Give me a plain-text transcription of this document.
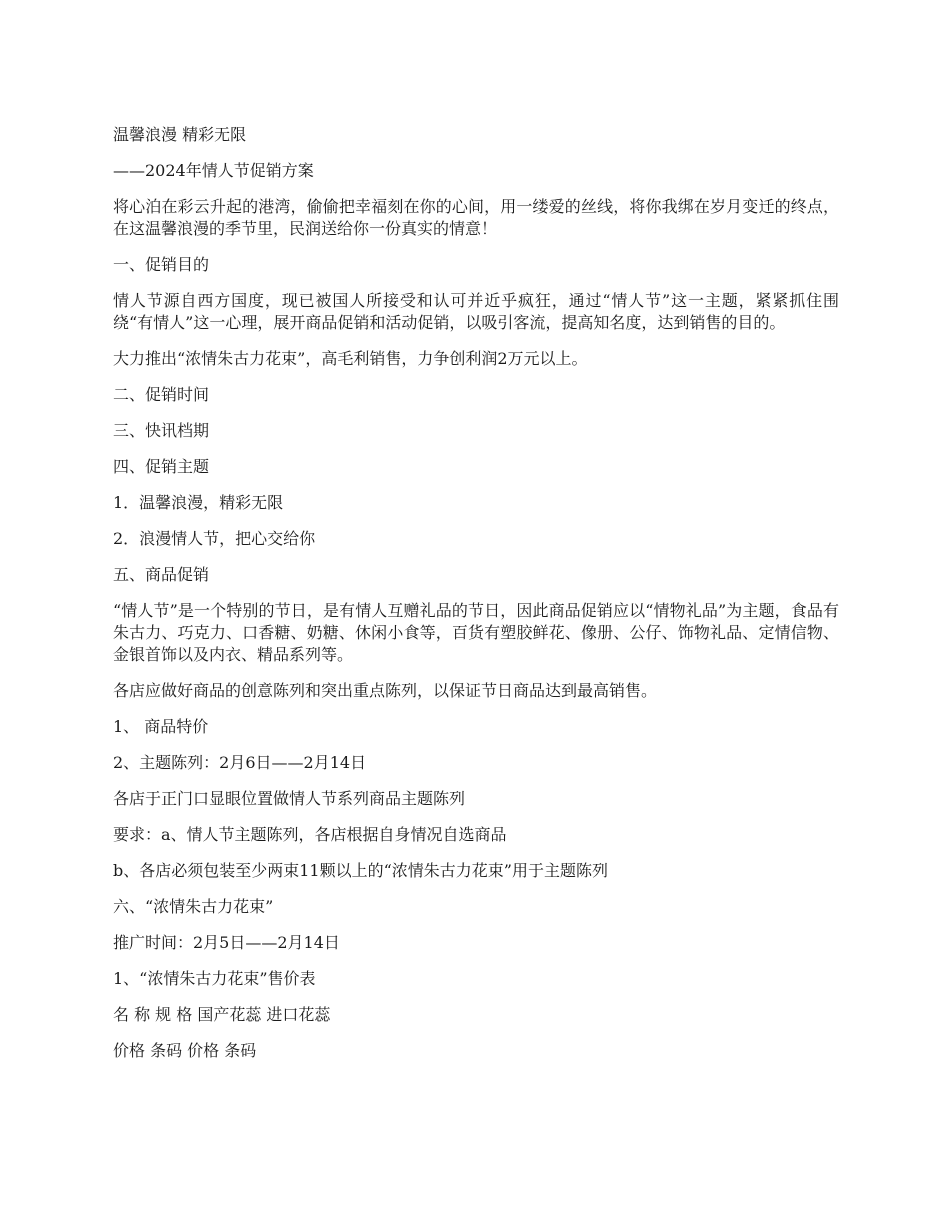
温馨浪漫 精彩无限

——2024年情人节促销方案

将心泊在彩云升起的港湾，偷偷把幸福刻在你的心间，用一缕爱的丝线，将你我绑在岁月变迁的终点，在这温馨浪漫的季节里，民润送给你一份真实的情意！

一、促销目的

情人节源自西方国度，现已被国人所接受和认可并近乎疯狂，通过“情人节”这一主题，紧紧抓住围绕“有情人”这一心理，展开商品促销和活动促销，以吸引客流，提高知名度，达到销售的目的。

大力推出“浓情朱古力花束”，高毛利销售，力争创利润2万元以上。

二、促销时间

三、快讯档期

四、促销主题

1．温馨浪漫，精彩无限

2．浪漫情人节，把心交给你

五、商品促销

“情人节”是一个特别的节日，是有情人互赠礼品的节日，因此商品促销应以“情物礼品”为主题，食品有朱古力、巧克力、口香糖、奶糖、休闲小食等，百货有塑胶鲜花、像册、公仔、饰物礼品、定情信物、金银首饰以及内衣、精品系列等。

各店应做好商品的创意陈列和突出重点陈列，以保证节日商品达到最高销售。

1、 商品特价

2、主题陈列：2月6日——2月14日

各店于正门口显眼位置做情人节系列商品主题陈列

要求：a、情人节主题陈列，各店根据自身情况自选商品

b、各店必须包装至少两束11颗以上的“浓情朱古力花束”用于主题陈列

六、“浓情朱古力花束”

推广时间：2月5日——2月14日

1、“浓情朱古力花束”售价表

名 称 规 格 国产花蕊 进口花蕊

价格 条码 价格 条码
